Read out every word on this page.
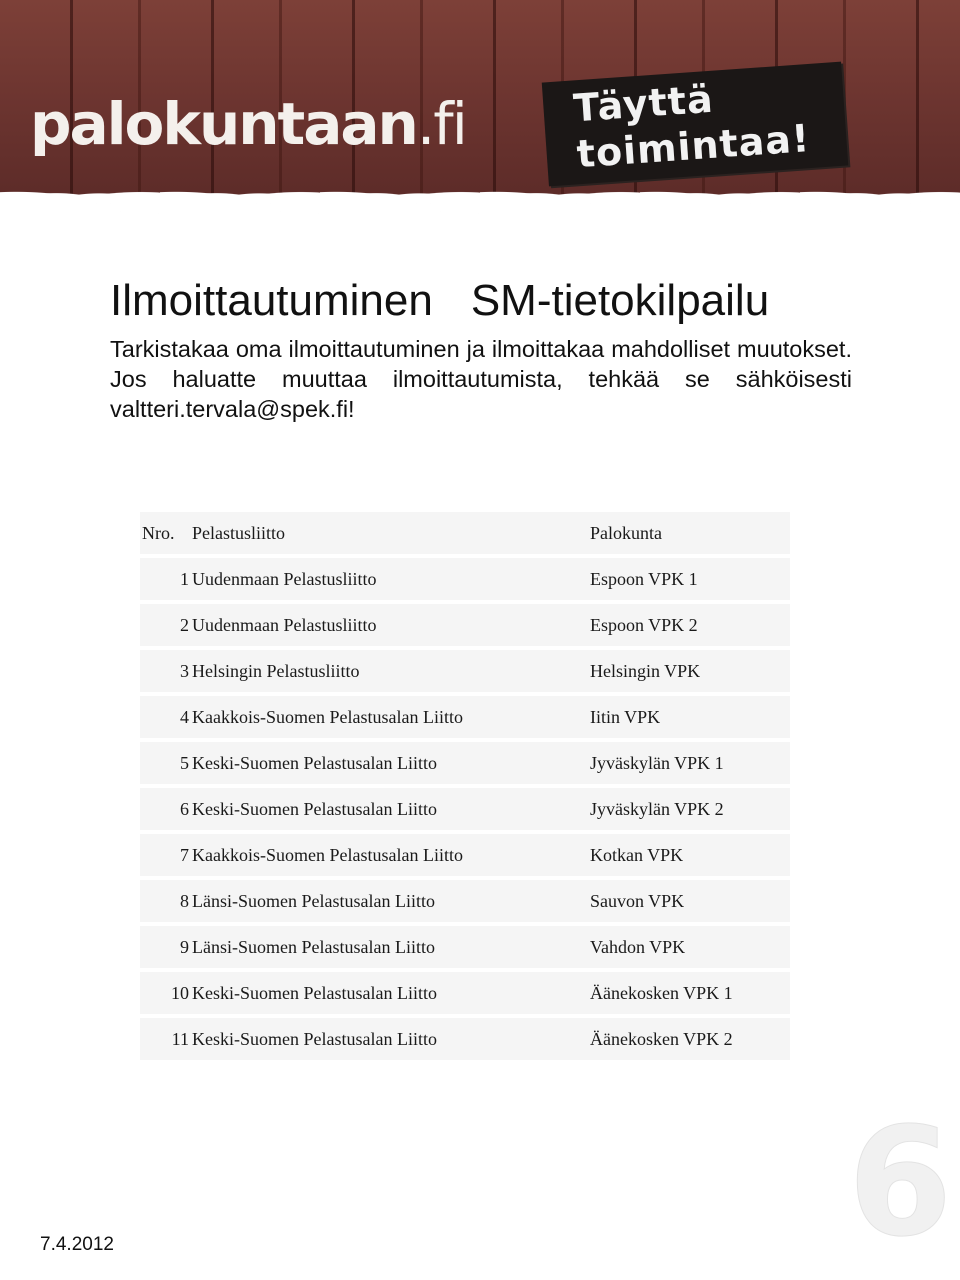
palokuntaan.fi	Täyttä
toimintaa!
Ilmoittautuminen SM-tietokilpailu
Tarkistakaa oma ilmoittautuminen ja ilmoittakaa mahdolliset muutokset. Jos haluatte muuttaa ilmoittautumista, tehkää se sähköisesti valtteri.tervala@spek.fi!
Nro. Pelastusliitto	Palokunta
1 Uudenmaan Pelastusliitto	Espoon VPK 1
2 Uudenmaan Pelastusliitto	Espoon VPK 2
3 Helsingin Pelastusliitto	Helsingin VPK
4 Kaakkois-Suomen Pelastusalan Liitto	Iitin VPK
5 Keski-Suomen Pelastusalan Liitto	Jyväskylän VPK 1
6 Keski-Suomen Pelastusalan Liitto	Jyväskylän VPK 2
7 Kaakkois-Suomen Pelastusalan Liitto	Kotkan VPK
8 Länsi-Suomen Pelastusalan Liitto	Sauvon VPK
9 Länsi-Suomen Pelastusalan Liitto	Vahdon VPK
10 Keski-Suomen Pelastusalan Liitto	Äänekosken VPK 1
11 Keski-Suomen Pelastusalan Liitto	Äänekosken VPK 2
7.4.2012	6
